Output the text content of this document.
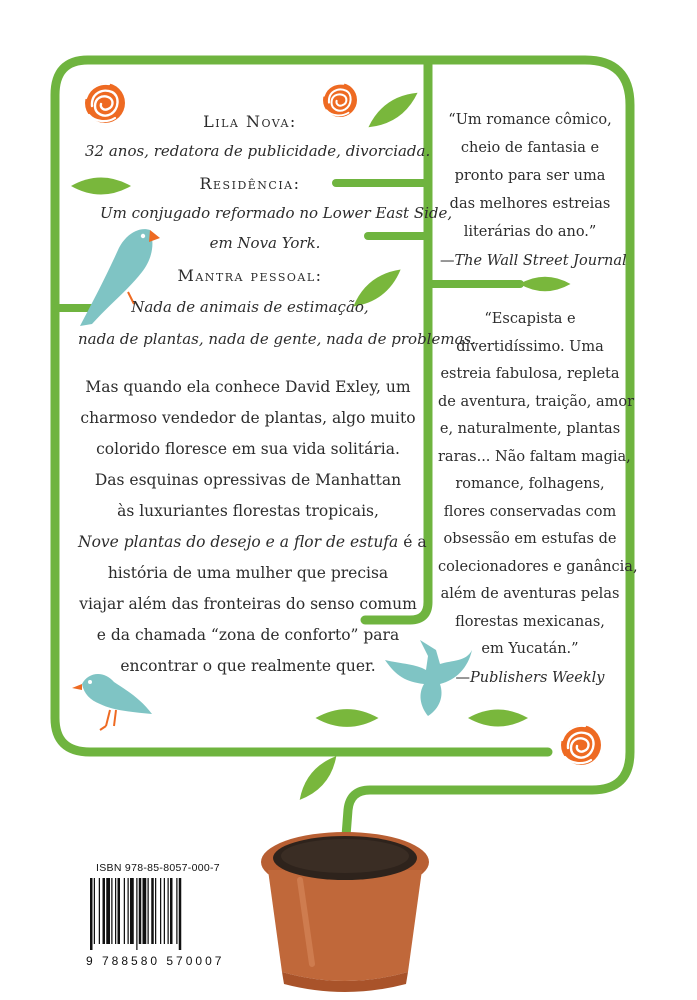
Lila Nova:
32 anos, redatora de publicidade, divorciada.
Residência:
Um conjugado reformado no Lower East Side,
em Nova York.
Mantra pessoal:
Nada de animais de estimação,
nada de plantas, nada de gente, nada de problemas.
Mas quando ela conhece David Exley, um
charmoso vendedor de plantas, algo muito
colorido floresce em sua vida solitária.
Das esquinas opressivas de Manhattan
às luxuriantes florestas tropicais,
Nove plantas do desejo e a flor de estufa é a
história de uma mulher que precisa
viajar além das fronteiras do senso comum
e da chamada “zona de conforto” para
encontrar o que realmente quer.
“Um romance cômico,
cheio de fantasia e
pronto para ser uma
das melhores estreias
literárias do ano.”
—The Wall Street Journal
“Escapista e
divertidíssimo. Uma
estreia fabulosa, repleta
de aventura, traição, amor
e, naturalmente, plantas
raras... Não faltam magia,
romance, folhagens,
flores conservadas com
obsessão em estufas de
colecionadores e ganância,
além de aventuras pelas
florestas mexicanas,
em Yucatán.”
—Publishers Weekly
ISBN 978-85-8057-000-7
9 788580 570007
